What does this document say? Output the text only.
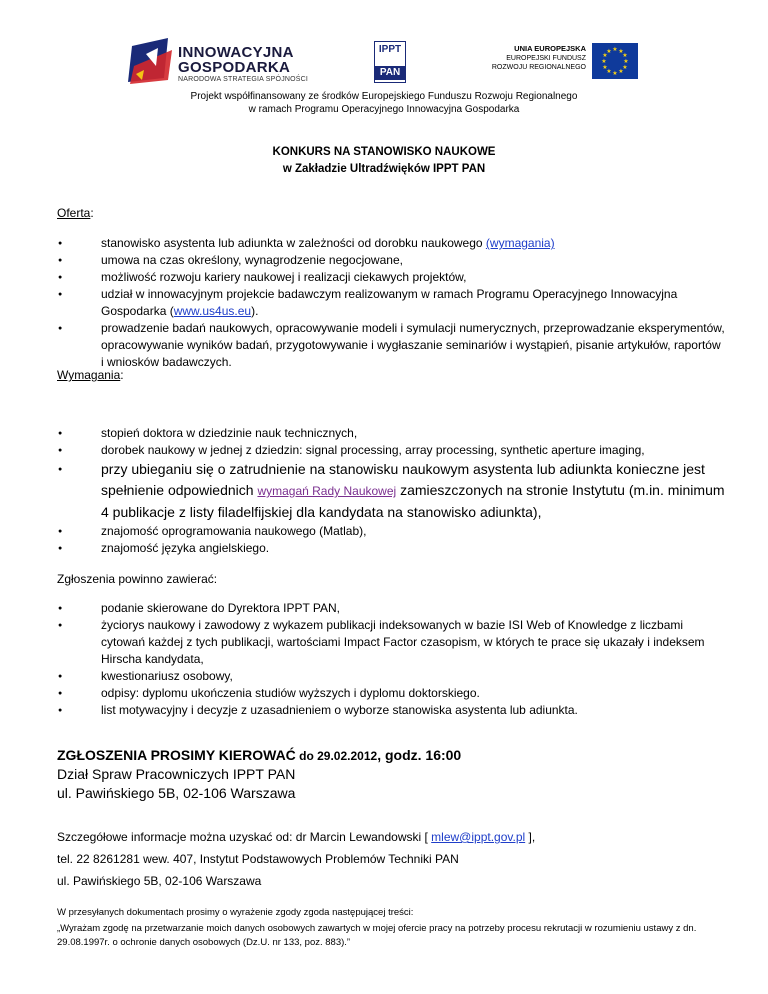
INNOWACYJNA
GOSPODARKA
NARODOWA STRATEGIA SPÓJNOŚCI
IPPT
PAN
UNIA EUROPEJSKA
EUROPEJSKI FUNDUSZ
ROZWOJU REGIONALNEGO
★ ★
★
★
★
★
★
★
★
★
★
★
Projekt współfinansowany ze środków Europejskiego Funduszu Rozwoju Regionalnego
w ramach Programu Operacyjnego Innowacyjna Gospodarka
KONKURS NA STANOWISKO NAUKOWE
w Zakładzie Ultradźwięków IPPT PAN
Oferta:
● stanowisko asystenta lub adiunkta w zależności od dorobku naukowego (wymagania)
● umowa na czas określony, wynagrodzenie negocjowane,
● możliwość rozwoju kariery naukowej i realizacji ciekawych projektów,
● udział w innowacyjnym projekcie badawczym realizowanym w ramach Programu Operacyjnego Innowacyjna Gospodarka (www.us4us.eu).
● prowadzenie badań naukowych, opracowywanie modeli i symulacji numerycznych, przeprowadzanie eksperymentów, opracowywanie wyników badań, przygotowywanie i wygłaszanie seminariów i wystąpień, pisanie artykułów, raportów i wniosków badawczych.
Wymagania:
● stopień doktora w dziedzinie nauk technicznych,
● dorobek naukowy w jednej z dziedzin: signal processing, array processing, synthetic aperture imaging,
● przy ubieganiu się o zatrudnienie na stanowisku naukowym asystenta lub adiunkta konieczne jest spełnienie odpowiednich wymagań Rady Naukowej zamieszczonych na stronie Instytutu (m.in. minimum 4 publikacje z listy filadelfijskiej dla kandydata na stanowisko adiunkta),
● znajomość oprogramowania naukowego (Matlab),
● znajomość języka angielskiego.
Zgłoszenia powinno zawierać:
● podanie skierowane do Dyrektora IPPT PAN,
● życiorys naukowy i zawodowy z wykazem publikacji indeksowanych w bazie ISI Web of Knowledge z liczbami cytowań każdej z tych publikacji, wartościami Impact Factor czasopism, w których te prace się ukazały i indeksem Hirscha kandydata,
● kwestionariusz osobowy,
● odpisy: dyplomu ukończenia studiów wyższych i dyplomu doktorskiego.
● list motywacyjny i decyzje z uzasadnieniem o wyborze stanowiska asystenta lub adiunkta.
ZGŁOSZENIA PROSIMY KIEROWAĆ do 29.02.2012, godz. 16:00
Dział Spraw Pracowniczych IPPT PAN
ul. Pawińskiego 5B, 02-106 Warszawa
Szczegółowe informacje można uzyskać od: dr Marcin Lewandowski [ mlew@ippt.gov.pl ],
tel. 22 8261281 wew. 407, Instytut Podstawowych Problemów Techniki PAN
ul. Pawińskiego 5B, 02-106 Warszawa
W przesyłanych dokumentach prosimy o wyrażenie zgody zgoda następującej treści:
„Wyrażam zgodę na przetwarzanie moich danych osobowych zawartych w mojej ofercie pracy na potrzeby procesu rekrutacji w rozumieniu ustawy z dn. 29.08.1997r. o ochronie danych osobowych (Dz.U. nr 133, poz. 883).”
